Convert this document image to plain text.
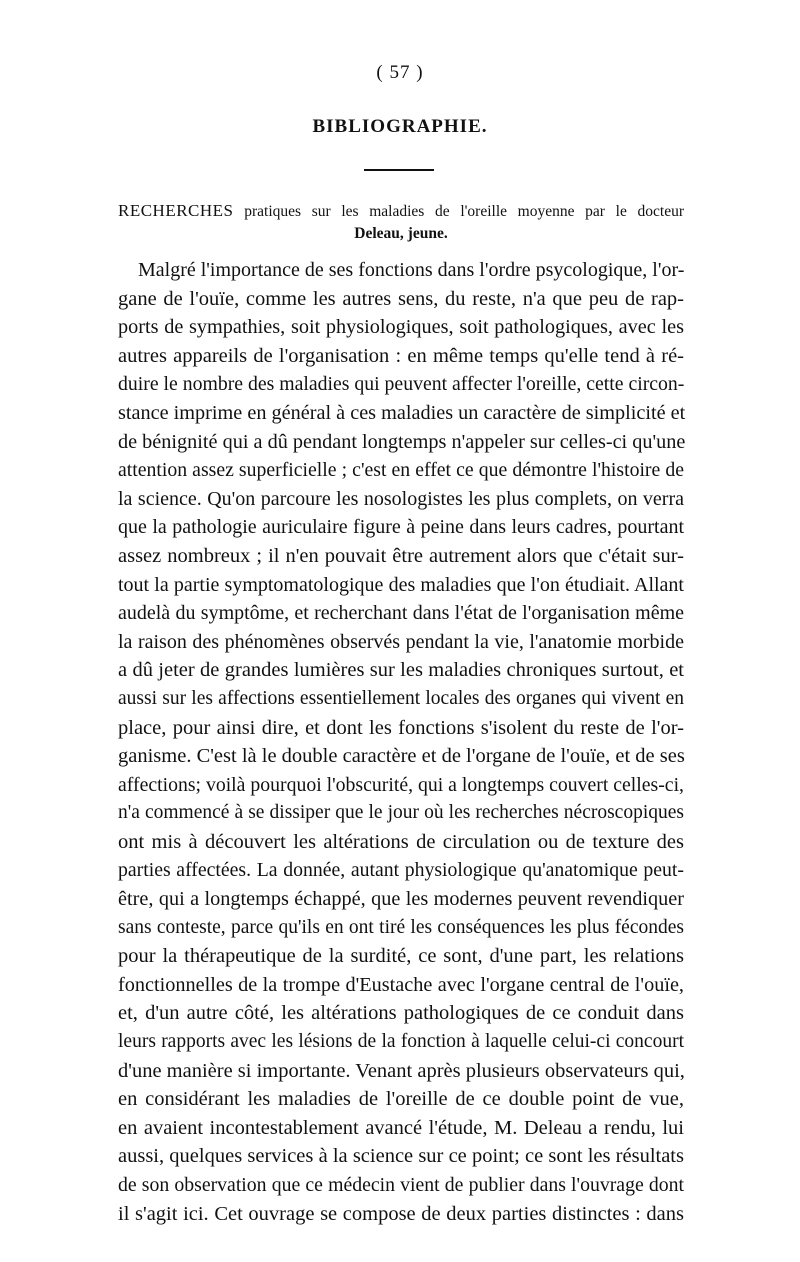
( 57 )
BIBLIOGRAPHIE.
RECHERCHES pratiques sur les maladies de l'oreille moyenne par le docteur
Deleau, jeune.
Malgré l'importance de ses fonctions dans l'ordre psycologique, l'or-
gane de l'ouïe, comme les autres sens, du reste, n'a que peu de rap-
ports de sympathies, soit physiologiques, soit pathologiques, avec les
autres appareils de l'organisation : en même temps qu'elle tend à ré-
duire le nombre des maladies qui peuvent affecter l'oreille, cette circon-
stance imprime en général à ces maladies un caractère de simplicité et
de bénignité qui a dû pendant longtemps n'appeler sur celles-ci qu'une
attention assez superficielle ; c'est en effet ce que démontre l'histoire de
la science. Qu'on parcoure les nosologistes les plus complets, on verra
que la pathologie auriculaire figure à peine dans leurs cadres, pourtant
assez nombreux ; il n'en pouvait être autrement alors que c'était sur-
tout la partie symptomatologique des maladies que l'on étudiait. Allant
audelà du symptôme, et recherchant dans l'état de l'organisation même
la raison des phénomènes observés pendant la vie, l'anatomie morbide
a dû jeter de grandes lumières sur les maladies chroniques surtout, et
aussi sur les affections essentiellement locales des organes qui vivent en
place, pour ainsi dire, et dont les fonctions s'isolent du reste de l'or-
ganisme. C'est là le double caractère et de l'organe de l'ouïe, et de ses
affections; voilà pourquoi l'obscurité, qui a longtemps couvert celles-ci,
n'a commencé à se dissiper que le jour où les recherches nécroscopiques
ont mis à découvert les altérations de circulation ou de texture des
parties affectées. La donnée, autant physiologique qu'anatomique peut-
être, qui a longtemps échappé, que les modernes peuvent revendiquer
sans conteste, parce qu'ils en ont tiré les conséquences les plus fécondes
pour la thérapeutique de la surdité, ce sont, d'une part, les relations
fonctionnelles de la trompe d'Eustache avec l'organe central de l'ouïe,
et, d'un autre côté, les altérations pathologiques de ce conduit dans
leurs rapports avec les lésions de la fonction à laquelle celui-ci concourt
d'une manière si importante. Venant après plusieurs observateurs qui,
en considérant les maladies de l'oreille de ce double point de vue,
en avaient incontestablement avancé l'étude, M. Deleau a rendu, lui
aussi, quelques services à la science sur ce point; ce sont les résultats
de son observation que ce médecin vient de publier dans l'ouvrage dont
il s'agit ici. Cet ouvrage se compose de deux parties distinctes : dans
